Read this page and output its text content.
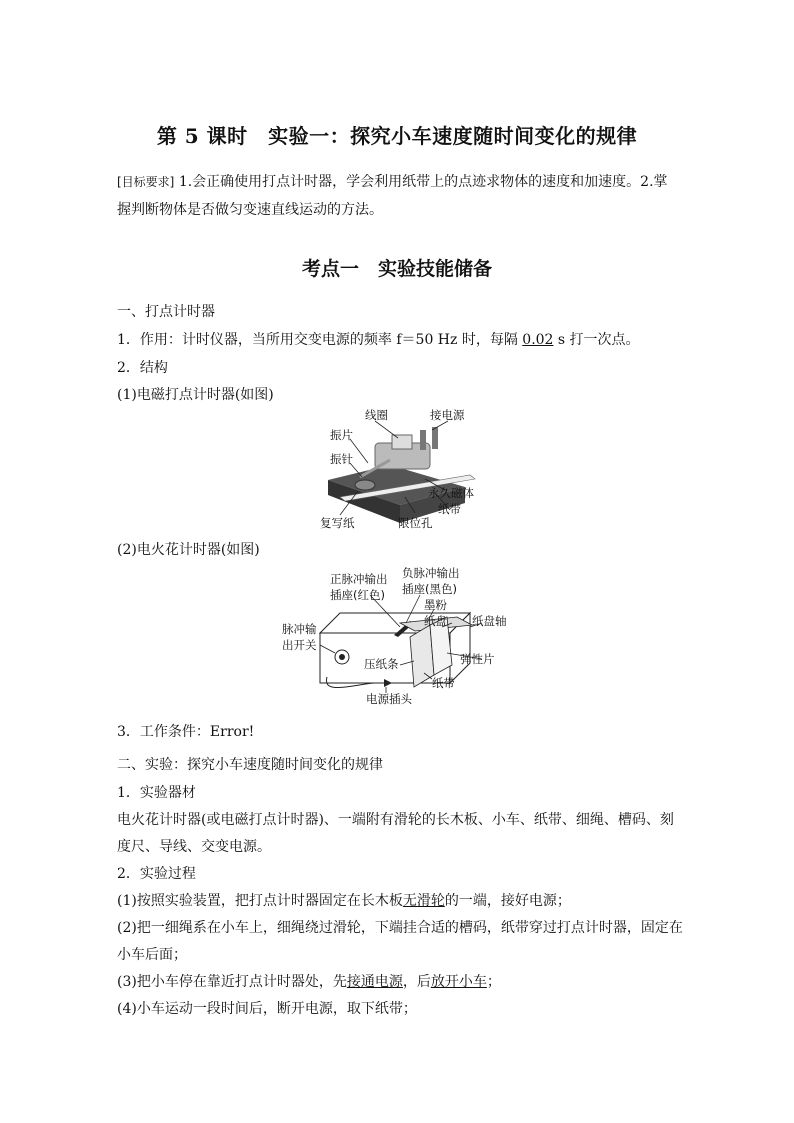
第 5 课时　实验一：探究小车速度随时间变化的规律
[目标要求] 1.会正确使用打点计时器，学会利用纸带上的点迹求物体的速度和加速度。2.掌
握判断物体是否做匀变速直线运动的方法。
考点一　实验技能储备
一、打点计时器
1．作用：计时仪器，当所用交变电源的频率 f＝50 Hz 时，每隔 0.02 s 打一次点。
2．结构
(1)电磁打点计时器(如图)
线圈	接电源
振片
振针
永久磁体
纸带
复写纸	限位孔
(2)电火花计时器(如图)
正脉冲输出
插座(红色)
负脉冲输出
插座(黑色)
墨粉
纸盘 纸盘轴
脉冲输
出开关
压纸条	弹性片
纸带
电源插头
3．工作条件：Error!
二、实验：探究小车速度随时间变化的规律
1．实验器材
电火花计时器(或电磁打点计时器)、一端附有滑轮的长木板、小车、纸带、细绳、槽码、刻
度尺、导线、交变电源。
2．实验过程
(1)按照实验装置，把打点计时器固定在长木板无滑轮的一端，接好电源；
(2)把一细绳系在小车上，细绳绕过滑轮，下端挂合适的槽码，纸带穿过打点计时器，固定在
小车后面；
(3)把小车停在靠近打点计时器处，先接通电源，后放开小车；
(4)小车运动一段时间后，断开电源，取下纸带；
